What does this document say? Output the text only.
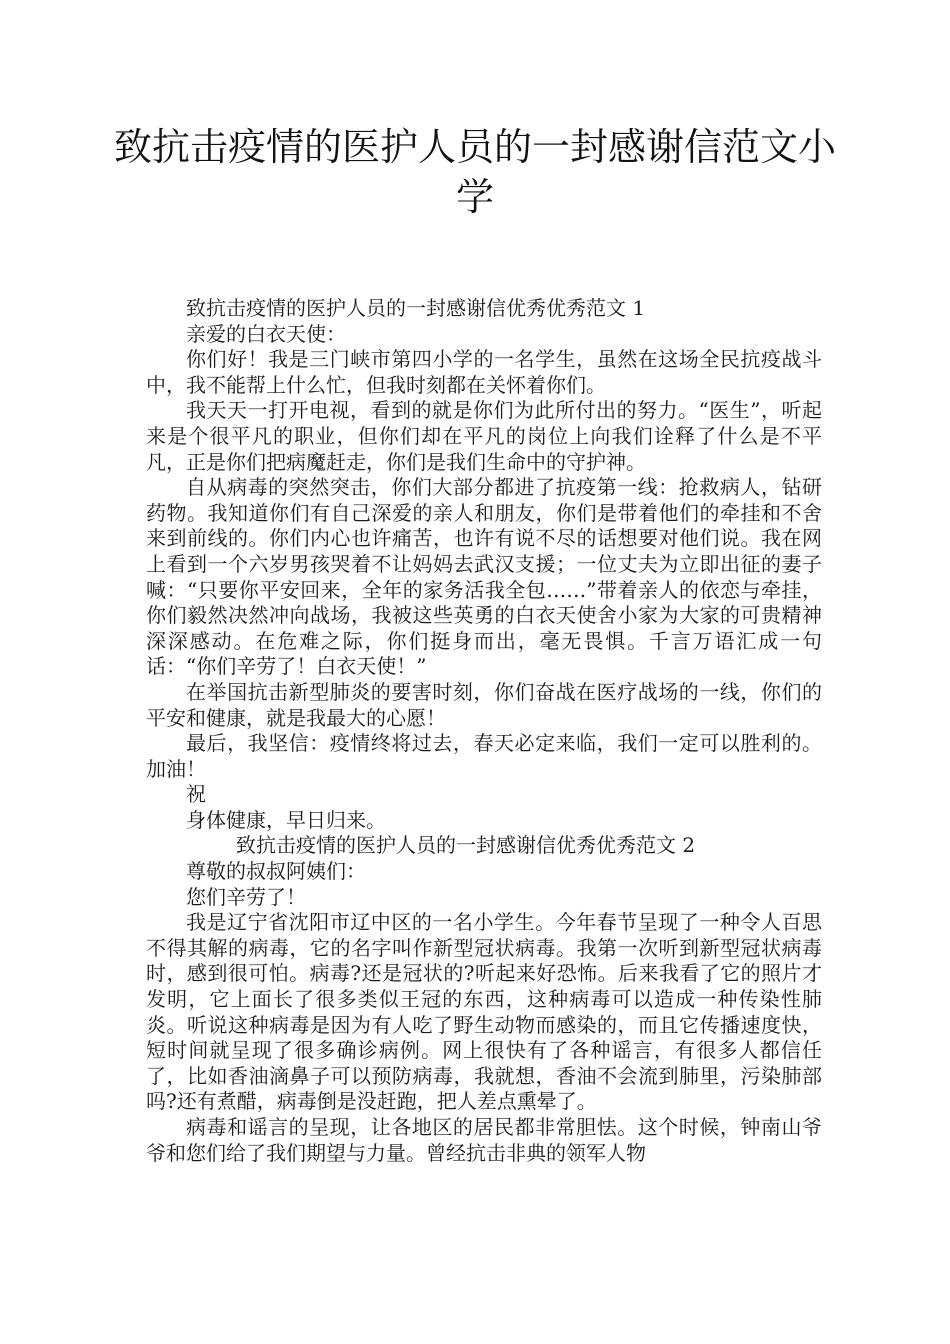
致抗击疫情的医护人员的一封感谢信范文小学

致抗击疫情的医护人员的一封感谢信优秀优秀范文 1

亲爱的白衣天使：

你们好！我是三门峡市第四小学的一名学生，虽然在这场全民抗疫战斗中，我不能帮上什么忙，但我时刻都在关怀着你们。

我天天一打开电视，看到的就是你们为此所付出的努力。“医生”，听起来是个很平凡的职业，但你们却在平凡的岗位上向我们诠释了什么是不平凡，正是你们把病魔赶走，你们是我们生命中的守护神。

自从病毒的突然突击，你们大部分都进了抗疫第一线：抢救病人，钻研药物。我知道你们有自己深爱的亲人和朋友，你们是带着他们的牵挂和不舍来到前线的。你们内心也许痛苦，也许有说不尽的话想要对他们说。我在网上看到一个六岁男孩哭着不让妈妈去武汉支援；一位丈夫为立即出征的妻子喊：“只要你平安回来，全年的家务活我全包……”带着亲人的依恋与牵挂，你们毅然决然冲向战场，我被这些英勇的白衣天使舍小家为大家的可贵精神深深感动。在危难之际，你们挺身而出，毫无畏惧。千言万语汇成一句话：“你们辛劳了！白衣天使！”

在举国抗击新型肺炎的要害时刻，你们奋战在医疗战场的一线，你们的平安和健康，就是我最大的心愿！

最后，我坚信：疫情终将过去，春天必定来临，我们一定可以胜利的。加油！

祝

身体健康，早日归来。

致抗击疫情的医护人员的一封感谢信优秀优秀范文 2

尊敬的叔叔阿姨们：

您们辛劳了！

我是辽宁省沈阳市辽中区的一名小学生。今年春节呈现了一种令人百思不得其解的病毒，它的名字叫作新型冠状病毒。我第一次听到新型冠状病毒时，感到很可怕。病毒?还是冠状的?听起来好恐怖。后来我看了它的照片才发明，它上面长了很多类似王冠的东西，这种病毒可以造成一种传染性肺炎。听说这种病毒是因为有人吃了野生动物而感染的，而且它传播速度快，短时间就呈现了很多确诊病例。网上很快有了各种谣言，有很多人都信任了，比如香油滴鼻子可以预防病毒，我就想，香油不会流到肺里，污染肺部吗?还有煮醋，病毒倒是没赶跑，把人差点熏晕了。

病毒和谣言的呈现，让各地区的居民都非常胆怯。这个时候，钟南山爷爷和您们给了我们期望与力量。曾经抗击非典的领军人物
